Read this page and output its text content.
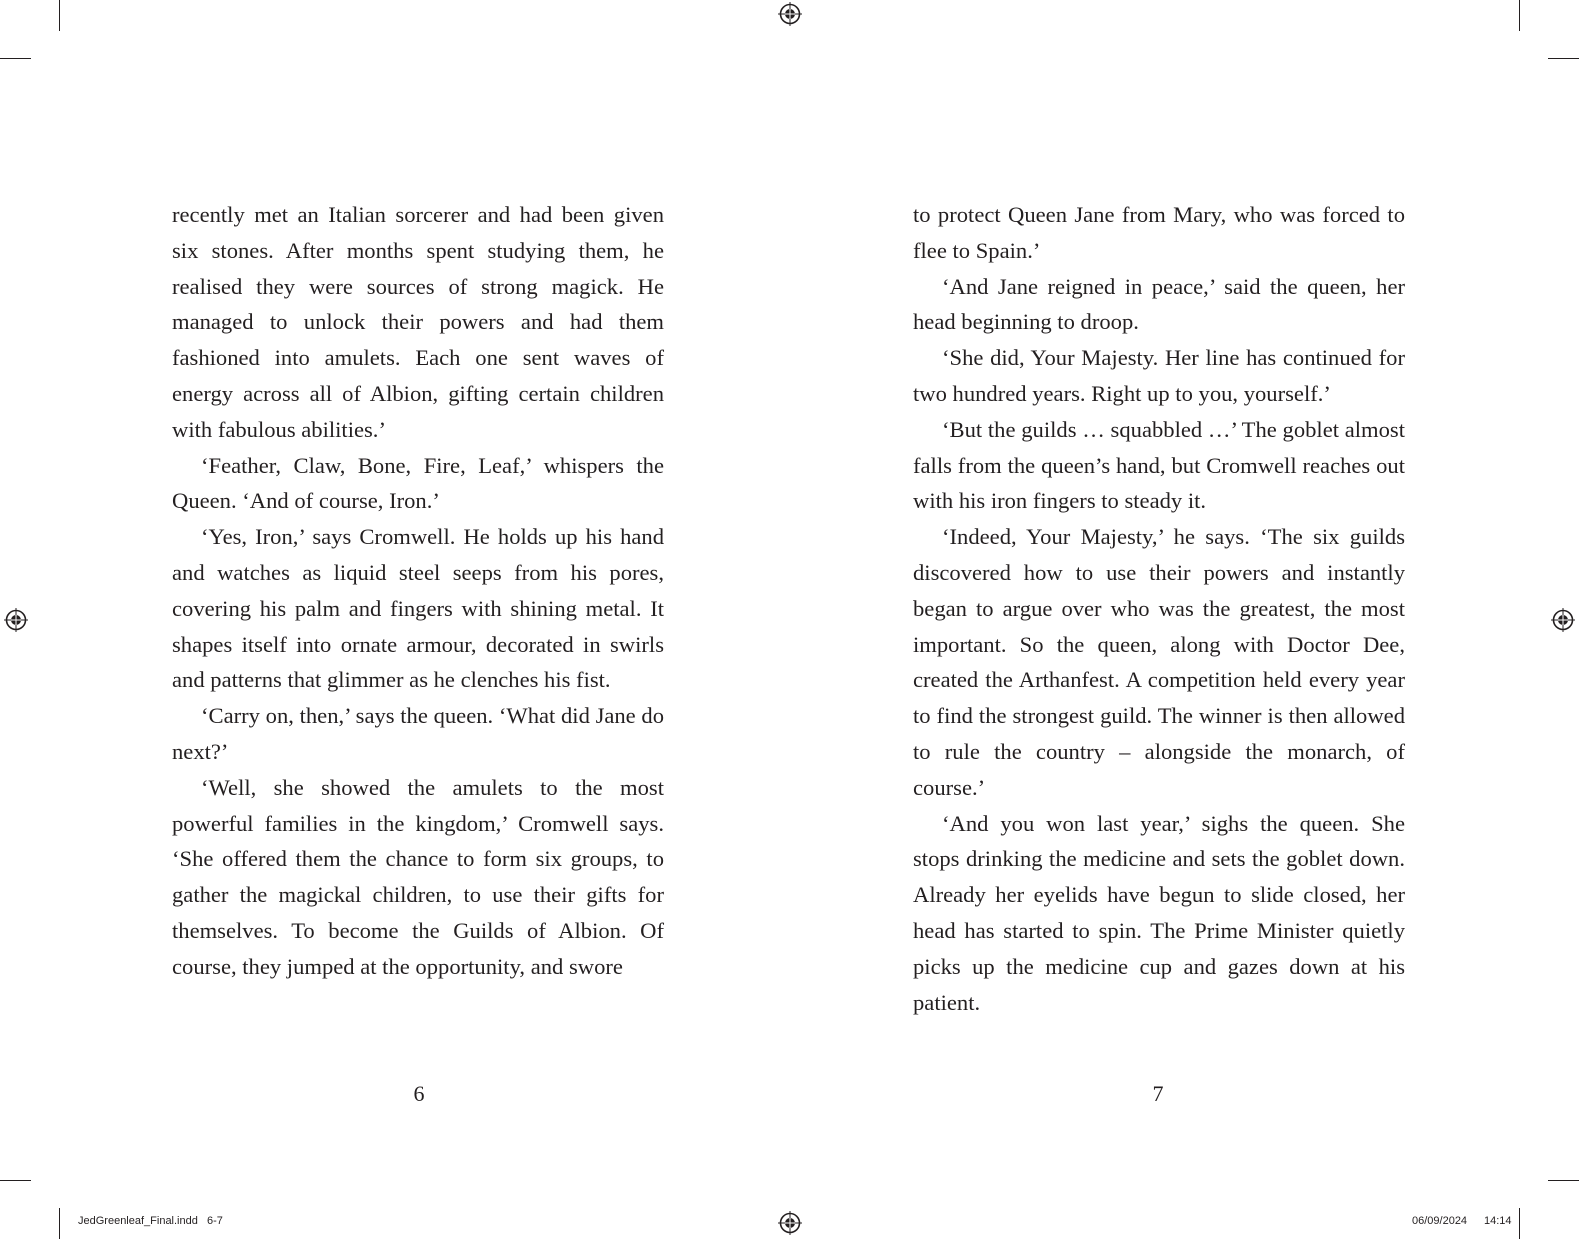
recently met an Italian sorcerer and had been given six stones. After months spent studying them, he realised they were sources of strong magick. He managed to unlock their powers and had them fashioned into amulets. Each one sent waves of energy across all of Albion, gifting certain children with fabulous abilities.’

‘Feather, Claw, Bone, Fire, Leaf,’ whispers the Queen. ‘And of course, Iron.’

‘Yes, Iron,’ says Cromwell. He holds up his hand and watches as liquid steel seeps from his pores, covering his palm and fingers with shining metal. It shapes itself into ornate armour, decorated in swirls and patterns that glimmer as he clenches his fist.

‘Carry on, then,’ says the queen. ‘What did Jane do next?’

‘Well, she showed the amulets to the most powerful families in the kingdom,’ Cromwell says. ‘She offered them the chance to form six groups, to gather the magickal children, to use their gifts for themselves. To become the Guilds of Albion. Of course, they jumped at the opportunity, and swore

to protect Queen Jane from Mary, who was forced to flee to Spain.’

‘And Jane reigned in peace,’ said the queen, her head beginning to droop.

‘She did, Your Majesty. Her line has continued for two hundred years. Right up to you, yourself.’

‘But the guilds … squabbled …’ The goblet almost falls from the queen’s hand, but Cromwell reaches out with his iron fingers to steady it.

‘Indeed, Your Majesty,’ he says. ‘The six guilds discovered how to use their powers and instantly began to argue over who was the greatest, the most important. So the queen, along with Doctor Dee, created the Arthanfest. A competition held every year to find the strongest guild. The winner is then allowed to rule the country – alongside the monarch, of course.’

‘And you won last year,’ sighs the queen. She stops drinking the medicine and sets the goblet down. Already her eyelids have begun to slide closed, her head has started to spin. The Prime Minister quietly picks up the medicine cup and gazes down at his patient.

6	7
JedGreenleaf_Final.indd   6-7	06/09/2024 14:14
